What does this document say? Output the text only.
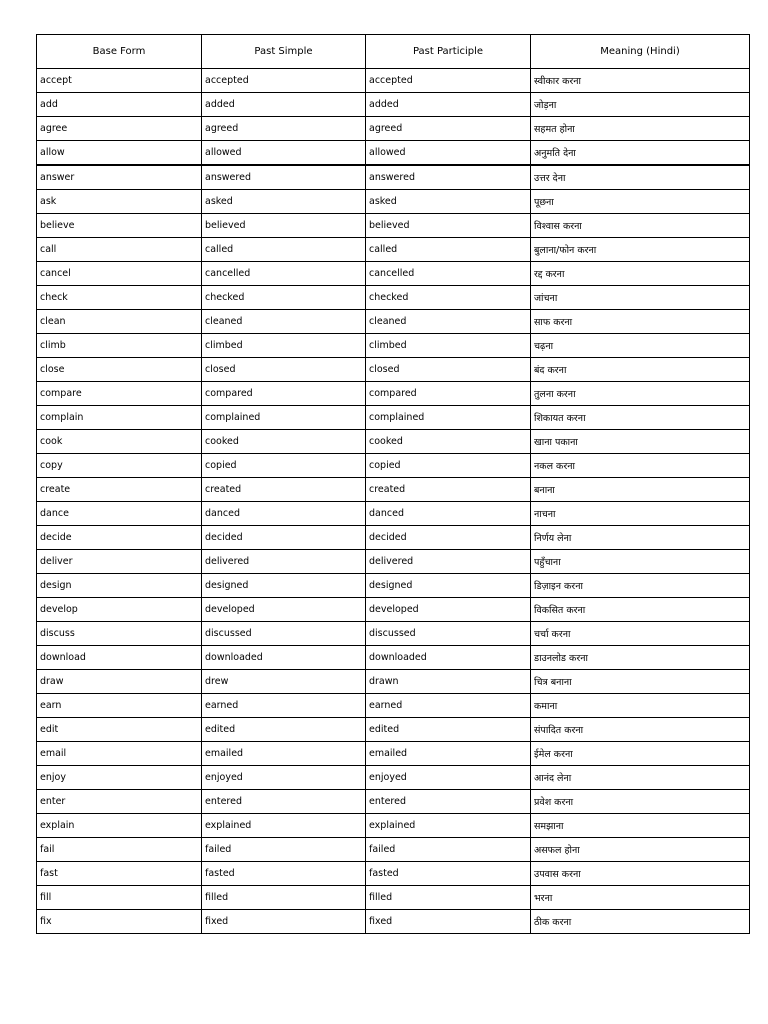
Base Form	Past Simple	Past Participle	Meaning (Hindi)
accept	accepted	accepted	स्वीकार करना
add	added	added	जोड़ना
agree	agreed	agreed	सहमत होना
allow	allowed	allowed	अनुमति देना
answer	answered	answered	उत्तर देना
ask	asked	asked	पूछना
believe	believed	believed	विश्वास करना
call	called	called	बुलाना/फोन करना
cancel	cancelled	cancelled	रद्द करना
check	checked	checked	जांचना
clean	cleaned	cleaned	साफ करना
climb	climbed	climbed	चढ़ना
close	closed	closed	बंद करना
compare	compared	compared	तुलना करना
complain	complained	complained	शिकायत करना
cook	cooked	cooked	खाना पकाना
copy	copied	copied	नकल करना
create	created	created	बनाना
dance	danced	danced	नाचना
decide	decided	decided	निर्णय लेना
deliver	delivered	delivered	पहुँचाना
design	designed	designed	डिज़ाइन करना
develop	developed	developed	विकसित करना
discuss	discussed	discussed	चर्चा करना
download	downloaded	downloaded	डाउनलोड करना
draw	drew	drawn	चित्र बनाना
earn	earned	earned	कमाना
edit	edited	edited	संपादित करना
email	emailed	emailed	ईमेल करना
enjoy	enjoyed	enjoyed	आनंद लेना
enter	entered	entered	प्रवेश करना
explain	explained	explained	समझाना
fail	failed	failed	असफल होना
fast	fasted	fasted	उपवास करना
fill	filled	filled	भरना
fix	fixed	fixed	ठीक करना
